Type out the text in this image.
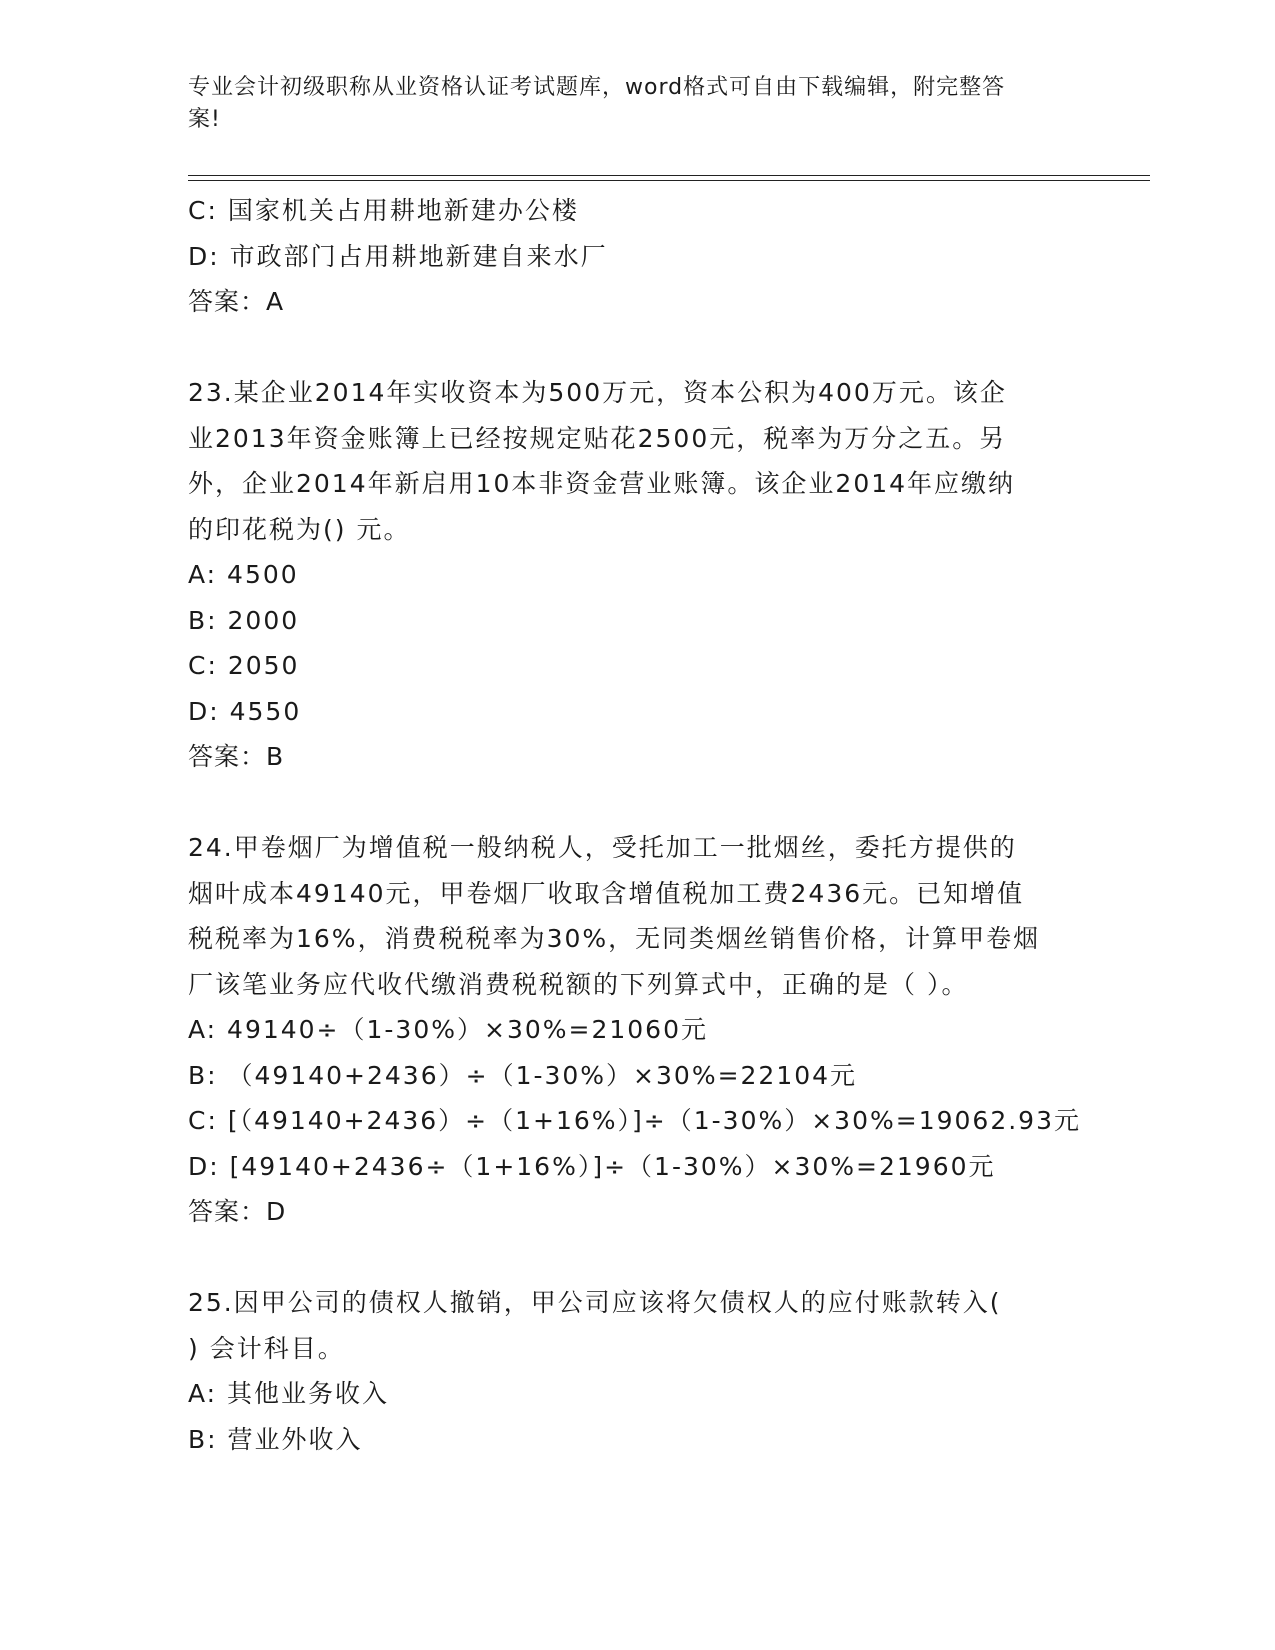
专业会计初级职称从业资格认证考试题库，word格式可自由下载编辑，附完整答
案!
C: 国家机关占用耕地新建办公楼
D: 市政部门占用耕地新建自来水厂
答案：A
23.某企业2014年实收资本为500万元，资本公积为400万元。该企
业2013年资金账簿上已经按规定贴花2500元，税率为万分之五。另
外，企业2014年新启用10本非资金营业账簿。该企业2014年应缴纳
的印花税为() 元。
A: 4500
B: 2000
C: 2050
D: 4550
答案：B
24.甲卷烟厂为增值税一般纳税人，受托加工一批烟丝，委托方提供的
烟叶成本49140元，甲卷烟厂收取含增值税加工费2436元。已知增值
税税率为16%，消费税税率为30%，无同类烟丝销售价格，计算甲卷烟
厂该笔业务应代收代缴消费税税额的下列算式中，正确的是（ ）。
A: 49140÷（1-30%）×30%=21060元
B: （49140+2436）÷（1-30%）×30%=22104元
C: [（49140+2436）÷（1+16%）]÷（1-30%）×30%=19062.93元
D: [49140+2436÷（1+16%）]÷（1-30%）×30%=21960元
答案：D
25.因甲公司的债权人撤销，甲公司应该将欠债权人的应付账款转入(
) 会计科目。
A: 其他业务收入
B: 营业外收入
